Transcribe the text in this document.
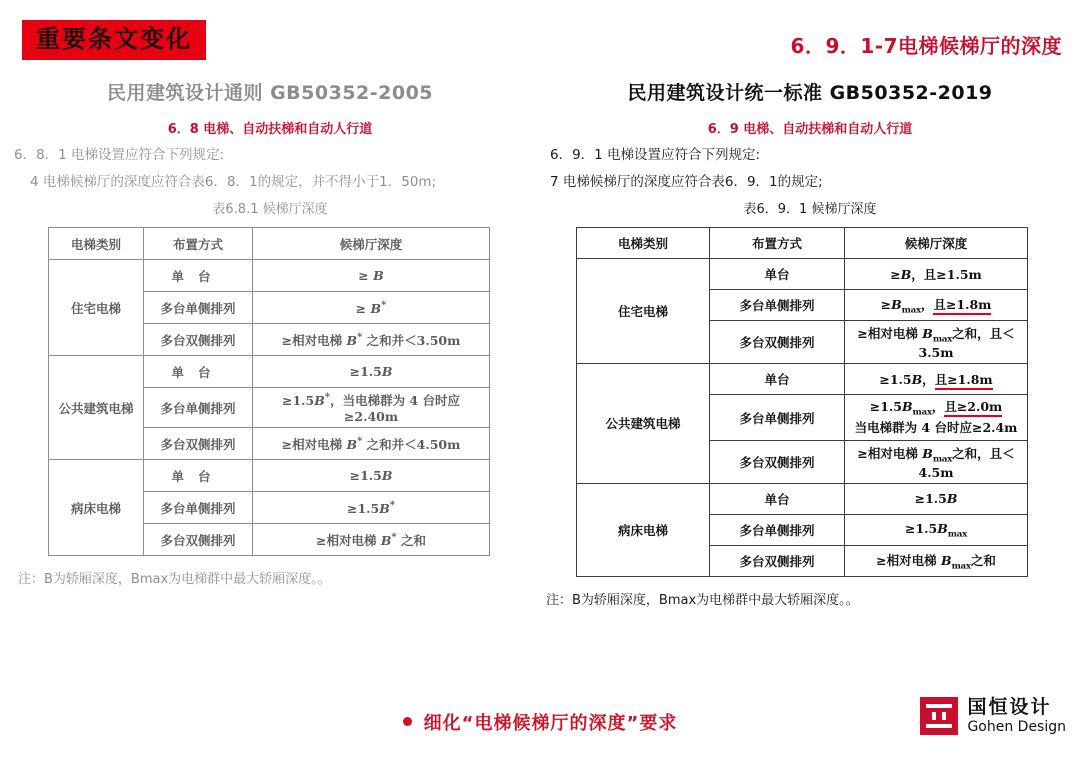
重要条文变化	6．9．1-7电梯候梯厅的深度
民用建筑设计通则 GB50352-2005
6．8 电梯、自动扶梯和自动人行道
6．8．1 电梯设置应符合下列规定:
4 电梯候梯厅的深度应符合表6．8．1的规定，并不得小于1．50m;
表6.8.1 候梯厅深度
电梯类别	布置方式	候梯厅深度
住宅电梯	单台	≥ B
	多台单侧排列	≥ B*
	多台双侧排列	≥相对电梯 B* 之和并＜3.50m
公共建筑电梯	单台	≥1.5B
	多台单侧排列	≥1.5B*，当电梯群为 4 台时应≥2.40m
	多台双侧排列	≥相对电梯 B* 之和并＜4.50m
病床电梯	单台	≥1.5B
	多台单侧排列	≥1.5B*
	多台双侧排列	≥相对电梯 B* 之和
注：B为轿厢深度，Bmax为电梯群中最大轿厢深度。。
民用建筑设计统一标准 GB50352-2019
6．9 电梯、自动扶梯和自动人行道
6．9．1 电梯设置应符合下列规定:
7 电梯候梯厅的深度应符合表6．9．1的规定;
表6．9．1 候梯厅深度
电梯类别	布置方式	候梯厅深度
住宅电梯	单台	≥B，且≥1.5m
	多台单侧排列	$\ge B_{max}$，且≥1.8m
	多台双侧排列	≥相对电梯 $B_{max}$之和，且＜3.5m
公共建筑电梯	单台	≥1.5B，且≥1.8m
	多台单侧排列	$\ge 1.5B_{max}$，且≥2.0m
当电梯群为 4 台时应≥2.4m

	多台双侧排列	≥相对电梯 $B_{max}$之和，且＜4.5m
病床电梯	单台	≥1.5B
	多台单侧排列	$\ge 1.5B_{max}$
	多台双侧排列	≥相对电梯 $B_{max}$之和
注：B为轿厢深度，Bmax为电梯群中最大轿厢深度。。
细化“电梯候梯厅的深度”要求
国恒设计
Gohen Design
